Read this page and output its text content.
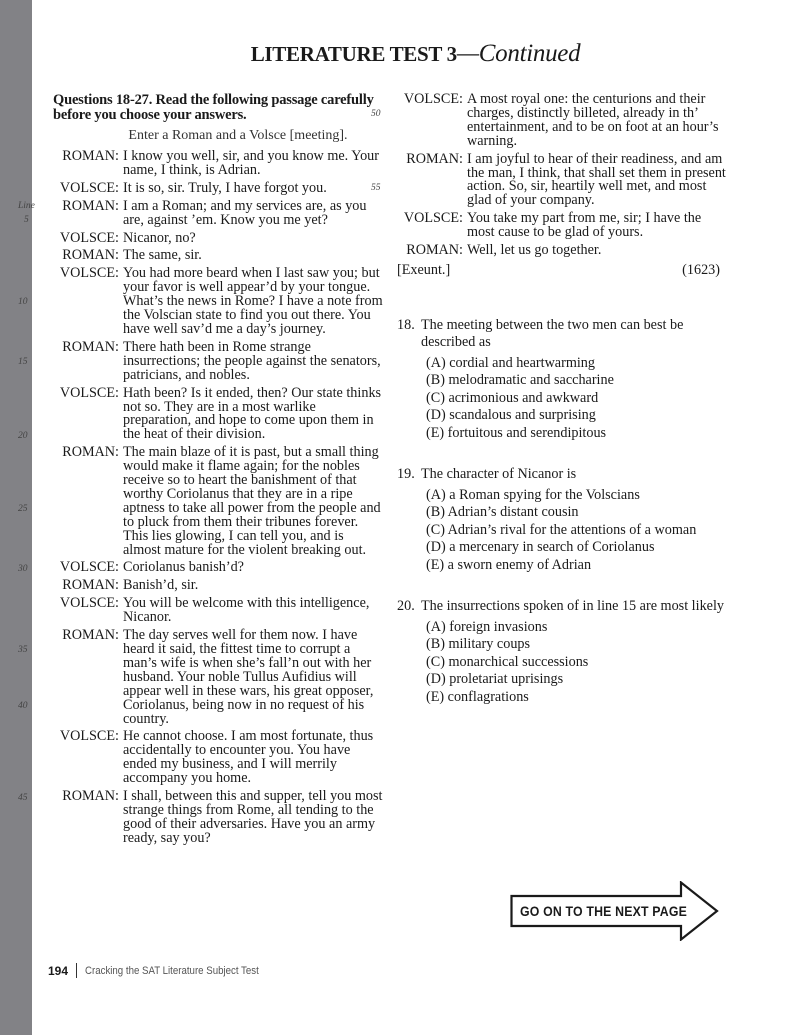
LITERATURE TEST 3—Continued

Questions 18-27. Read the following passage carefully before you choose your answers.

Enter a Roman and a Volsce [meeting].

ROMAN: I know you well, sir, and you know me. Your name, I think, is Adrian.
VOLSCE: It is so, sir. Truly, I have forgot you.
Line
5
ROMAN: I am a Roman; and my services are, as you are, against ’em. Know you me yet?
VOLSCE: Nicanor, no?
ROMAN: The same, sir.
10
VOLSCE: You had more beard when I last saw you; but your favor is well appear’d by your tongue. What’s the news in Rome? I have a note from the Volscian state to find you out there. You have well sav’d me a day’s journey.
15
ROMAN: There hath been in Rome strange insurrections; the people against the senators, patricians, and nobles.
20
VOLSCE: Hath been? Is it ended, then? Our state thinks not so. They are in a most warlike preparation, and hope to come upon them in the heat of their division.
25
ROMAN: The main blaze of it is past, but a small thing would make it flame again; for the nobles receive so to heart the banishment of that worthy Coriolanus that they are in a ripe aptness to take all power from the people and to pluck from them their tribunes forever. This lies glowing, I can tell you, and is almost mature for the violent breaking out.
30	VOLSCE: Coriolanus banish’d?
ROMAN: Banish’d, sir.
VOLSCE: You will be welcome with this intelligence, Nicanor.
35
40
ROMAN: The day serves well for them now. I have heard it said, the fittest time to corrupt a man’s wife is when she’s fall’n out with her husband. Your noble Tullus Aufidius will appear well in these wars, his great opposer, Coriolanus, being now in no request of his country.
VOLSCE: He cannot choose. I am most fortunate, thus accidentally to encounter you. You have ended my business, and I will merrily accompany you home.
45	ROMAN: I shall, between this and supper, tell you most strange things from Rome, all tending to the good of their adversaries. Have you an army ready, say you?
50
VOLSCE: A most royal one: the centurions and their charges, distinctly billeted, already in th’ entertainment, and to be on foot at an hour’s warning.
55
ROMAN: I am joyful to hear of their readiness, and am the man, I think, that shall set them in present action. So, sir, heartily well met, and most glad of your company.
VOLSCE: You take my part from me, sir; I have the most cause to be glad of yours.
ROMAN: Well, let us go together.
[Exeunt.]	(1623)
18. The meeting between the two men can best be described as
(A) cordial and heartwarming
(B) melodramatic and saccharine
(C) acrimonious and awkward
(D) scandalous and surprising
(E) fortuitous and serendipitous
19. The character of Nicanor is
(A) a Roman spying for the Volscians
(B) Adrian’s distant cousin
(C) Adrian’s rival for the attentions of a woman
(D) a mercenary in search of Coriolanus
(E) a sworn enemy of Adrian
20. The insurrections spoken of in line 15 are most likely
(A) foreign invasions
(B) military coups
(C) monarchical successions
(D) proletariat uprisings
(E) conflagrations
GO ON TO THE NEXT PAGE
194 Cracking the SAT Literature Subject Test
